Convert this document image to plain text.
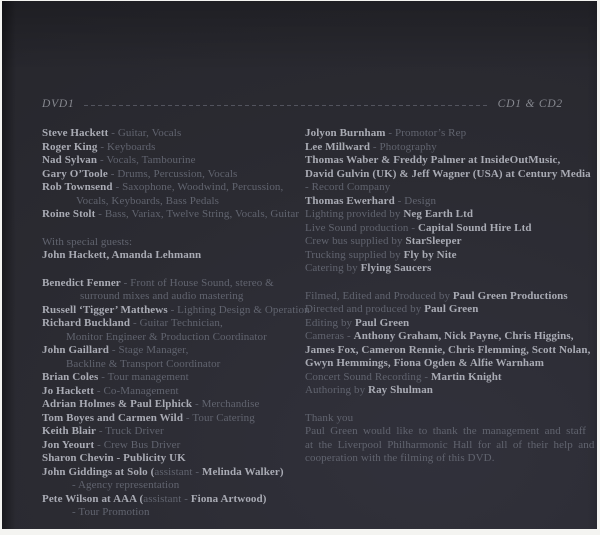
DVD1	CD1 & CD2
Steve Hackett - Guitar, Vocals
Roger King - Keyboards
Nad Sylvan - Vocals, Tambourine
Gary O’Toole - Drums, Percussion, Vocals
Rob Townsend - Saxophone, Woodwind, Percussion,
Vocals, Keyboards, Bass Pedals
Roine Stolt - Bass, Variax, Twelve String, Vocals, Guitar
With special guests:
John Hackett, Amanda Lehmann
Benedict Fenner - Front of House Sound, stereo &
surround mixes and audio mastering
Russell ‘Tigger’ Matthews - Lighting Design & Operation
Richard Buckland - Guitar Technician,
Monitor Engineer & Production Coordinator
John Gaillard - Stage Manager,
Backline & Transport Coordinator
Brian Coles - Tour management
Jo Hackett - Co-Management
Adrian Holmes & Paul Elphick - Merchandise
Tom Boyes and Carmen Wild - Tour Catering
Keith Blair - Truck Driver
Jon Yeourt - Crew Bus Driver
Sharon Chevin - Publicity UK
John Giddings at Solo (assistant - Melinda Walker)
- Agency representation
Pete Wilson at AAA (assistant - Fiona Artwood)
- Tour Promotion
Jolyon Burnham - Promotor’s Rep
Lee Millward - Photography
Thomas Waber & Freddy Palmer at InsideOutMusic,
David Gulvin (UK) & Jeff Wagner (USA) at Century Media
- Record Company
Thomas Ewerhard - Design
Lighting provided by Neg Earth Ltd
Live Sound production - Capital Sound Hire Ltd
Crew bus supplied by StarSleeper
Trucking supplied by Fly by Nite
Catering by Flying Saucers
Filmed, Edited and Produced by Paul Green Productions
Directed and produced by Paul Green
Editing by Paul Green
Cameras - Anthony Graham, Nick Payne, Chris Higgins,
James Fox, Cameron Rennie, Chris Flemming, Scott Nolan,
Gwyn Hemmings, Fiona Ogden & Alfie Warnham
Concert Sound Recording - Martin Knight
Authoring by Ray Shulman
Thank you
Paul Green would like to thank the management and staff
at the Liverpool Philharmonic Hall for all of their help and
cooperation with the filming of this DVD.
